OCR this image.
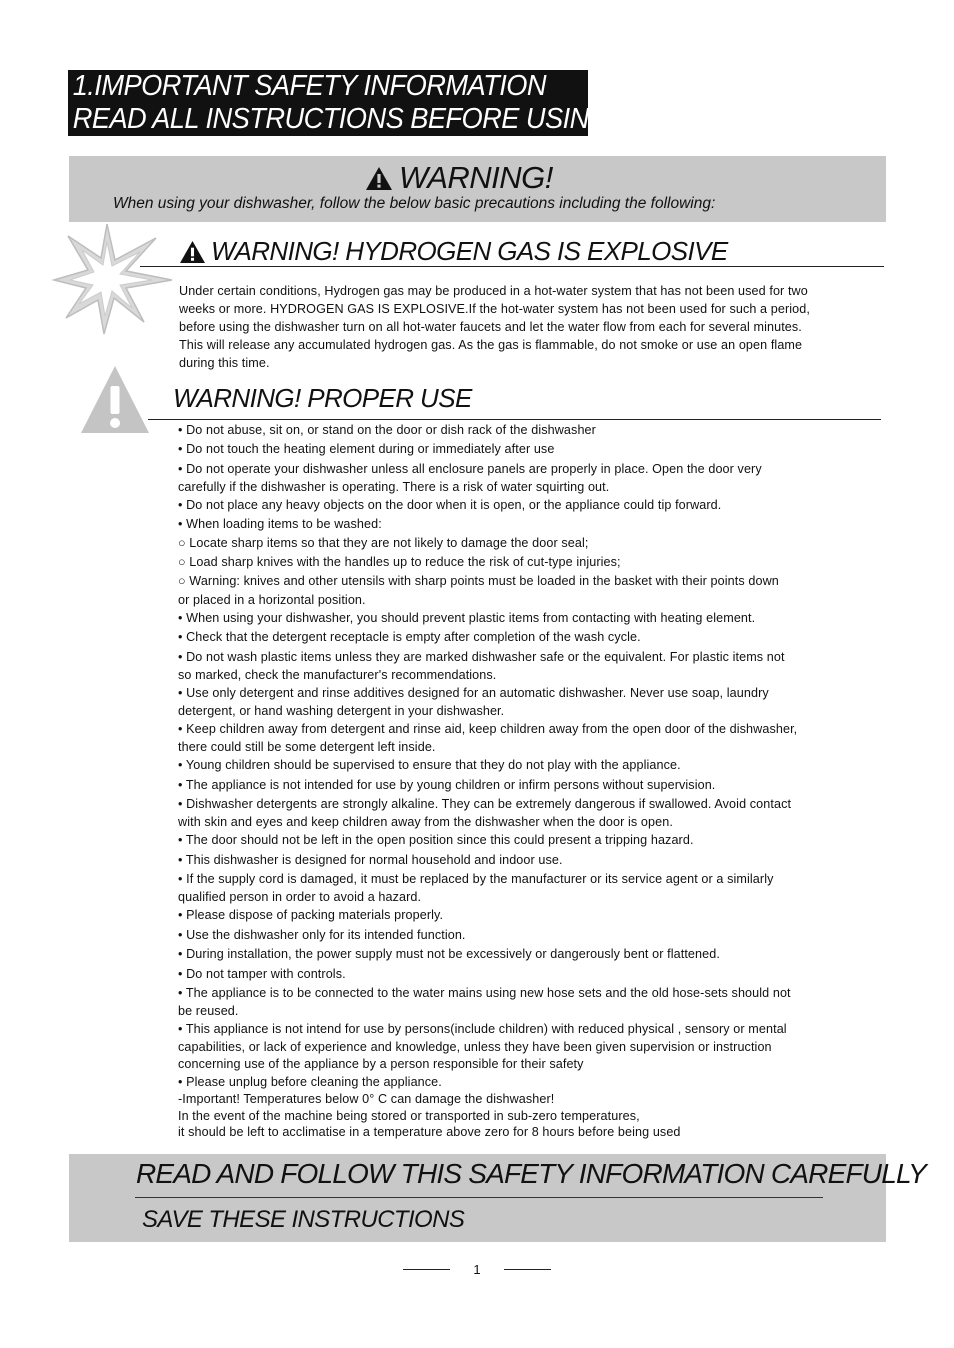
1.IMPORTANT SAFETY INFORMATION
READ ALL INSTRUCTIONS BEFORE USING
WARNING!
When using your dishwasher, follow the below basic precautions including the following:
WARNING! HYDROGEN GAS IS EXPLOSIVE
Under certain conditions, Hydrogen gas may be produced in a hot-water system that has not been used for two
weeks or more. HYDROGEN GAS IS EXPLOSIVE.If the hot-water system has not been used for such a period,
before using the dishwasher turn on all hot-water faucets and let the water flow from each for several minutes.
This will release any accumulated hydrogen gas. As the gas is flammable, do not smoke or use an open flame
during this time.
WARNING! PROPER USE
• Do not abuse, sit on, or stand on the door or dish rack of the dishwasher
• Do not touch the heating element during or immediately after use
• Do not operate your dishwasher unless all enclosure panels are properly in place. Open the door very
carefully if the dishwasher is operating. There is a risk of water squirting out.
• Do not place any heavy objects on the door when it is open, or the appliance could tip forward.
• When loading items to be washed:
○ Locate sharp items so that they are not likely to damage the door seal;
○ Load sharp knives with the handles up to reduce the risk of cut-type injuries;
○ Warning: knives and other utensils with sharp points must be loaded in the basket with their points down
or placed in a horizontal position.
• When using your dishwasher, you should prevent plastic items from contacting with heating element.
• Check that the detergent receptacle is empty after completion of the wash cycle.
• Do not wash plastic items unless they are marked dishwasher safe or the equivalent. For plastic items not
so marked, check the manufacturer's recommendations.
• Use only detergent and rinse additives designed for an automatic dishwasher. Never use soap, laundry
detergent, or hand washing detergent in your dishwasher.
• Keep children away from detergent and rinse aid, keep children away from the open door of the dishwasher,
there could still be some detergent left inside.
• Young children should be supervised to ensure that they do not play with the appliance.
• The appliance is not intended for use by young children or infirm persons without supervision.
• Dishwasher detergents are strongly alkaline. They can be extremely dangerous if swallowed. Avoid contact
with skin and eyes and keep children away from the dishwasher when the door is open.
• The door should not be left in the open position since this could present a tripping hazard.
• This dishwasher is designed for normal household and indoor use.
• If the supply cord is damaged, it must be replaced by the manufacturer or its service agent or a similarly
qualified person in order to avoid a hazard.
• Please dispose of packing materials properly.
• Use the dishwasher only for its intended function.
• During installation, the power supply must not be excessively or dangerously bent or flattened.
• Do not tamper with controls.
• The appliance is to be connected to the water mains using new hose sets and the old hose-sets should not
be reused.
• This appliance is not intend for use by persons(include children) with reduced physical , sensory or mental
capabilities, or lack of experience and knowledge, unless they have been given supervision or instruction
concerning use of the appliance by a person responsible for their safety
• Please unplug before cleaning the appliance.
-Important! Temperatures below 0° C can damage the dishwasher!
In the event of the machine being stored or transported in sub-zero temperatures,
it should be left to acclimatise in a temperature above zero for 8 hours before being used
READ AND FOLLOW THIS SAFETY INFORMATION CAREFULLY
SAVE THESE INSTRUCTIONS
1
